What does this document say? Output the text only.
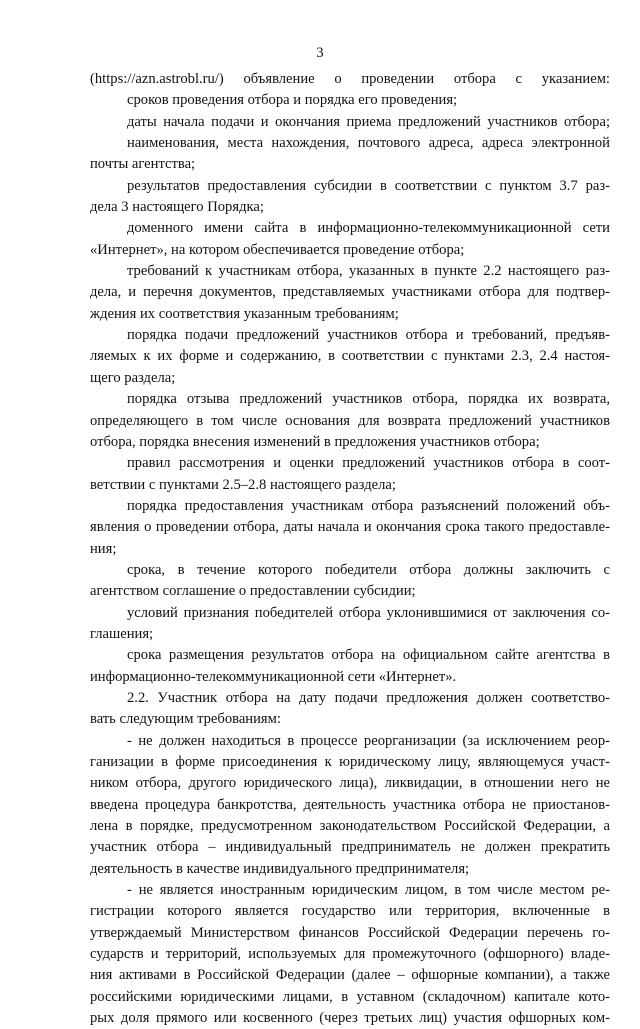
3
(https://azn.astrobl.ru/) объявление о проведении отбора с указанием:
сроков проведения отбора и порядка его проведения;
даты начала подачи и окончания приема предложений участников отбора;
наименования, места нахождения, почтового адреса, адреса электронной
почты агентства;
результатов предоставления субсидии в соответствии с пунктом 3.7 раз-
дела 3 настоящего Порядка;
доменного имени сайта в информационно-телекоммуникационной сети
«Интернет», на котором обеспечивается проведение отбора;
требований к участникам отбора, указанных в пункте 2.2 настоящего раз-
дела, и перечня документов, представляемых участниками отбора для подтвер-
ждения их соответствия указанным требованиям;
порядка подачи предложений участников отбора и требований, предъяв-
ляемых к их форме и содержанию, в соответствии с пунктами 2.3, 2.4 настоя-
щего раздела;
порядка отзыва предложений участников отбора, порядка их возврата,
определяющего в том числе основания для возврата предложений участников
отбора, порядка внесения изменений в предложения участников отбора;
правил рассмотрения и оценки предложений участников отбора в соот-
ветствии с пунктами 2.5–2.8 настоящего раздела;
порядка предоставления участникам отбора разъяснений положений объ-
явления о проведении отбора, даты начала и окончания срока такого предоставле-
ния;
срока, в течение которого победители отбора должны заключить с
агентством соглашение о предоставлении субсидии;
условий признания победителей отбора уклонившимися от заключения со-
глашения;
срока размещения результатов отбора на официальном сайте агентства в
информационно-телекоммуникационной сети «Интернет».
2.2. Участник отбора на дату подачи предложения должен соответство-
вать следующим требованиям:
- не должен находиться в процессе реорганизации (за исключением реор-
ганизации в форме присоединения к юридическому лицу, являющемуся участ-
ником отбора, другого юридического лица), ликвидации, в отношении него не
введена процедура банкротства, деятельность участника отбора не приостанов-
лена в порядке, предусмотренном законодательством Российской Федерации, а
участник отбора – индивидуальный предприниматель не должен прекратить
деятельность в качестве индивидуального предпринимателя;
- не является иностранным юридическим лицом, в том числе местом ре-
гистрации которого является государство или территория, включенные в
утверждаемый Министерством финансов Российской Федерации перечень го-
сударств и территорий, используемых для промежуточного (офшорного) владе-
ния активами в Российской Федерации (далее – офшорные компании), а также
российскими юридическими лицами, в уставном (складочном) капитале кото-
рых доля прямого или косвенного (через третьих лиц) участия офшорных ком-
